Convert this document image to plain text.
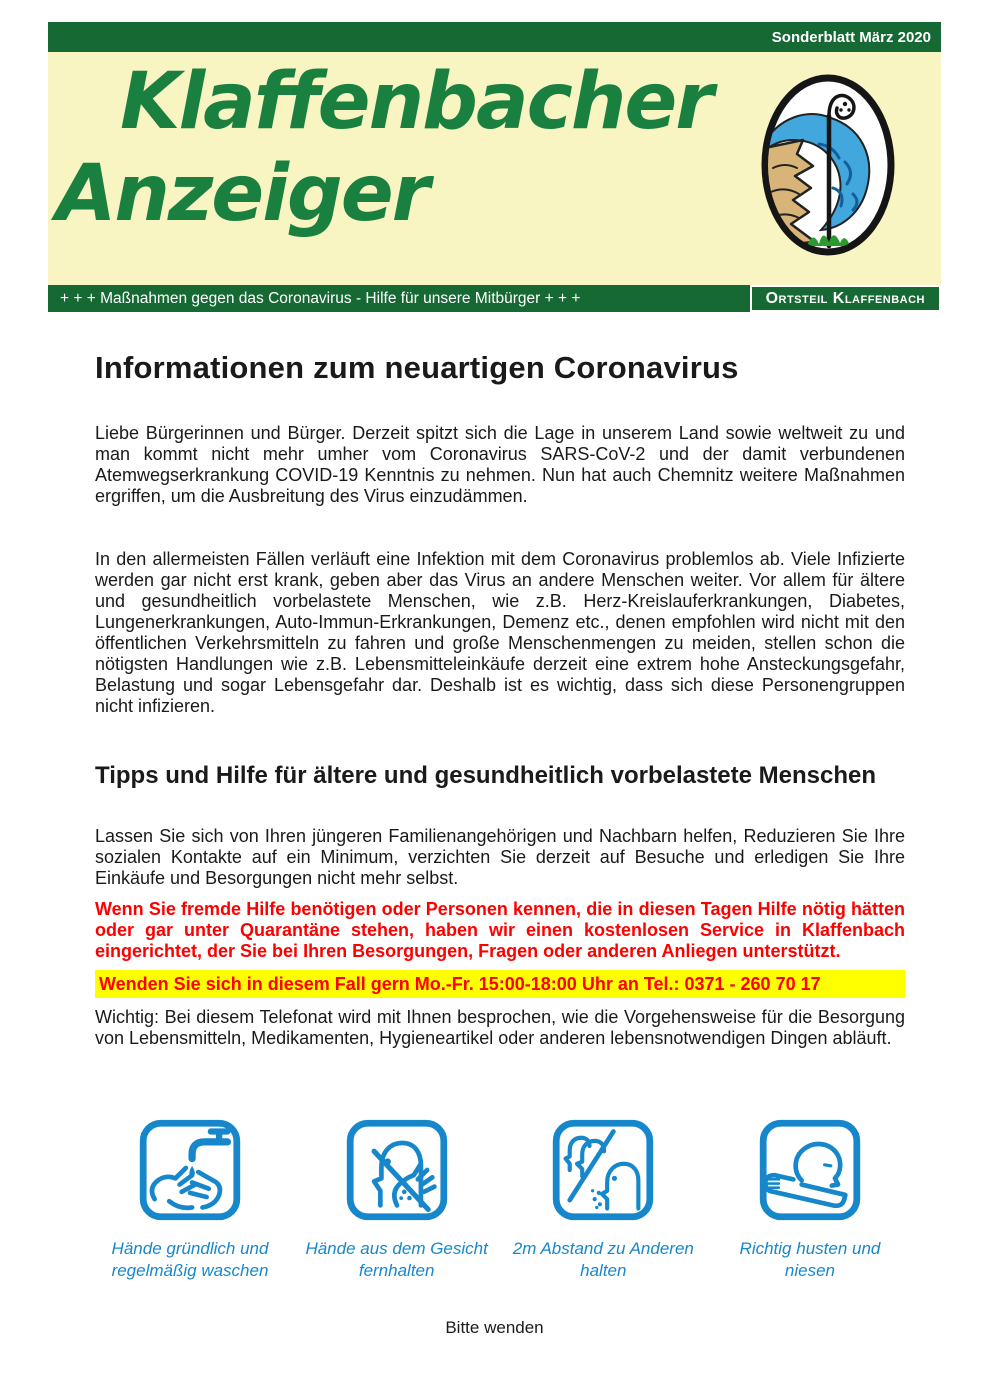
Sonderblatt März 2020
Klaffenbacher
Anzeiger
+ + + Maßnahmen gegen das Coronavirus - Hilfe für unsere Mitbürger + + +	Ortsteil Klaffenbach
Informationen zum neuartigen Coronavirus

Liebe Bürgerinnen und Bürger. Derzeit spitzt sich die Lage in unserem Land sowie weltweit zu und man kommt nicht mehr umher vom Coronavirus SARS-CoV-2 und der damit verbundenen Atemwegserkrankung COVID-19 Kenntnis zu nehmen. Nun hat auch Chemnitz weitere Maßnahmen ergriffen, um die Ausbreitung des Virus einzudämmen.

In den allermeisten Fällen verläuft eine Infektion mit dem Coronavirus problemlos ab. Viele Infizierte werden gar nicht erst krank, geben aber das Virus an andere Menschen weiter. Vor allem für ältere und gesundheitlich vorbelastete Menschen, wie z.B. Herz-Kreislauferkrankungen, Diabetes, Lungenerkrankungen, Auto-Immun-Erkrankungen, Demenz etc., denen empfohlen wird nicht mit den öffentlichen Verkehrsmitteln zu fahren und große Menschenmengen zu meiden, stellen schon die nötigsten Handlungen wie z.B. Lebensmitteleinkäufe derzeit eine extrem hohe Ansteckungsgefahr, Belastung und sogar Lebensgefahr dar. Deshalb ist es wichtig, dass sich diese Personengruppen nicht infizieren.

Tipps und Hilfe für ältere und gesundheitlich vorbelastete Menschen

Lassen Sie sich von Ihren jüngeren Familienangehörigen und Nachbarn helfen, Reduzieren Sie Ihre sozialen Kontakte auf ein Minimum, verzichten Sie derzeit auf Besuche und erledigen Sie Ihre Einkäufe und Besorgungen nicht mehr selbst.

Wenn Sie fremde Hilfe benötigen oder Personen kennen, die in diesen Tagen Hilfe nötig hätten oder gar unter Quarantäne stehen, haben wir einen kostenlosen Service in Klaffenbach eingerichtet, der Sie bei Ihren Besorgungen, Fragen oder anderen Anliegen unterstützt.

Wenden Sie sich in diesem Fall gern Mo.-Fr. 15:00-18:00 Uhr an Tel.: 0371 - 260 70 17

Wichtig: Bei diesem Telefonat wird mit Ihnen besprochen, wie die Vorgehensweise für die Besorgung von Lebensmitteln, Medikamenten, Hygieneartikel oder anderen lebensnotwendigen Dingen abläuft.

Hände gründlich und regelmäßig waschen
Hände aus dem Gesicht fernhalten
2m Abstand zu Anderen halten
Richtig husten und niesen
Bitte wenden
